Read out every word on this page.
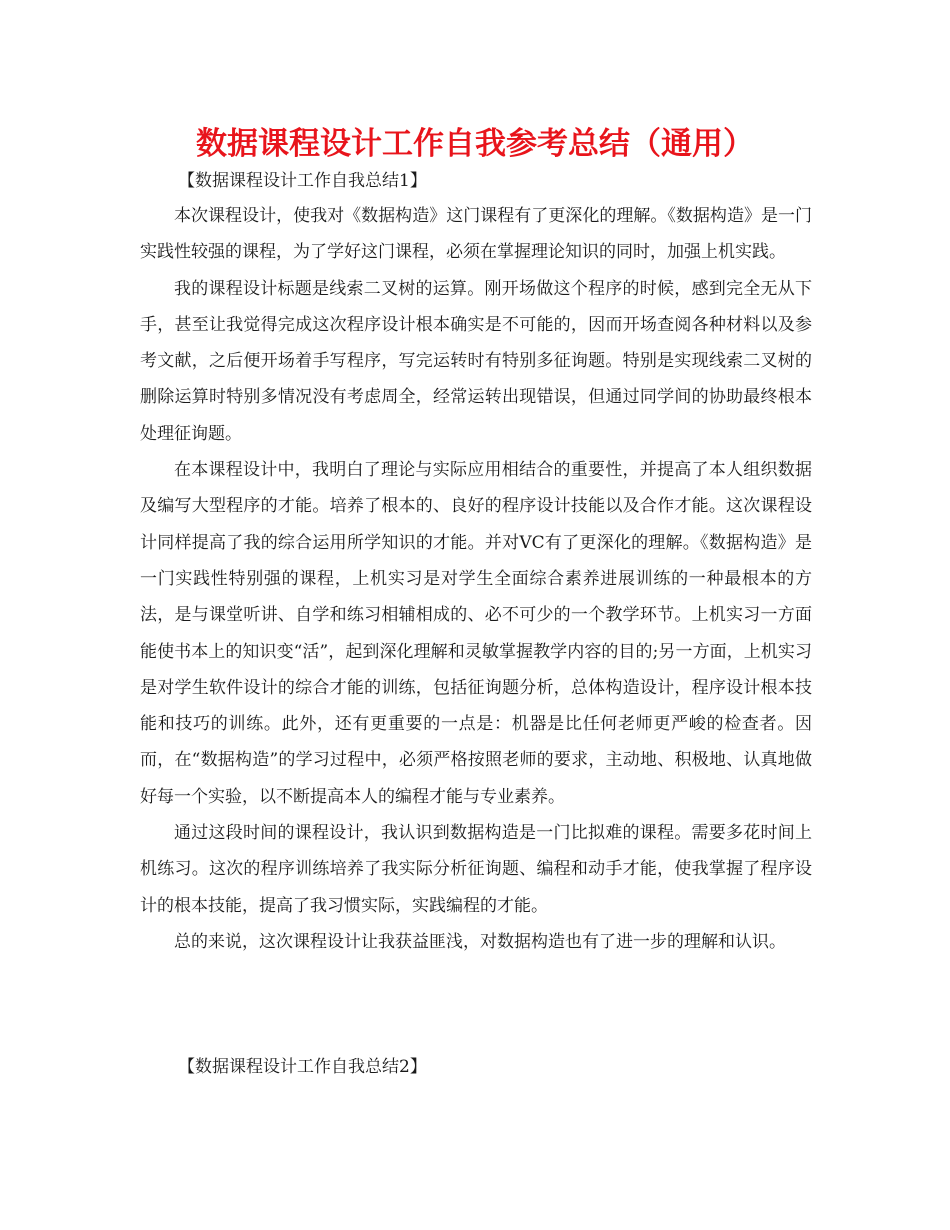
数据课程设计工作自我参考总结（通用）
【数据课程设计工作自我总结1】

本次课程设计，使我对《数据构造》这门课程有了更深化的理解。《数据构造》是一门实践性较强的课程，为了学好这门课程，必须在掌握理论知识的同时，加强上机实践。

我的课程设计标题是线索二叉树的运算。刚开场做这个程序的时候，感到完全无从下手，甚至让我觉得完成这次程序设计根本确实是不可能的，因而开场查阅各种材料以及参考文献，之后便开场着手写程序，写完运转时有特别多征询题。特别是实现线索二叉树的删除运算时特别多情况没有考虑周全，经常运转出现错误，但通过同学间的协助最终根本处理征询题。

在本课程设计中，我明白了理论与实际应用相结合的重要性，并提高了本人组织数据及编写大型程序的才能。培养了根本的、良好的程序设计技能以及合作才能。这次课程设计同样提高了我的综合运用所学知识的才能。并对VC有了更深化的理解。《数据构造》是一门实践性特别强的课程，上机实习是对学生全面综合素养进展训练的一种最根本的方法，是与课堂听讲、自学和练习相辅相成的、必不可少的一个教学环节。上机实习一方面能使书本上的知识变“活”，起到深化理解和灵敏掌握教学内容的目的;另一方面，上机实习是对学生软件设计的综合才能的训练，包括征询题分析，总体构造设计，程序设计根本技能和技巧的训练。此外，还有更重要的一点是：机器是比任何老师更严峻的检查者。因而，在“数据构造”的学习过程中，必须严格按照老师的要求，主动地、积极地、认真地做好每一个实验，以不断提高本人的编程才能与专业素养。

通过这段时间的课程设计，我认识到数据构造是一门比拟难的课程。需要多花时间上机练习。这次的程序训练培养了我实际分析征询题、编程和动手才能，使我掌握了程序设计的根本技能，提高了我习惯实际，实践编程的才能。

总的来说，这次课程设计让我获益匪浅，对数据构造也有了进一步的理解和认识。

【数据课程设计工作自我总结2】
